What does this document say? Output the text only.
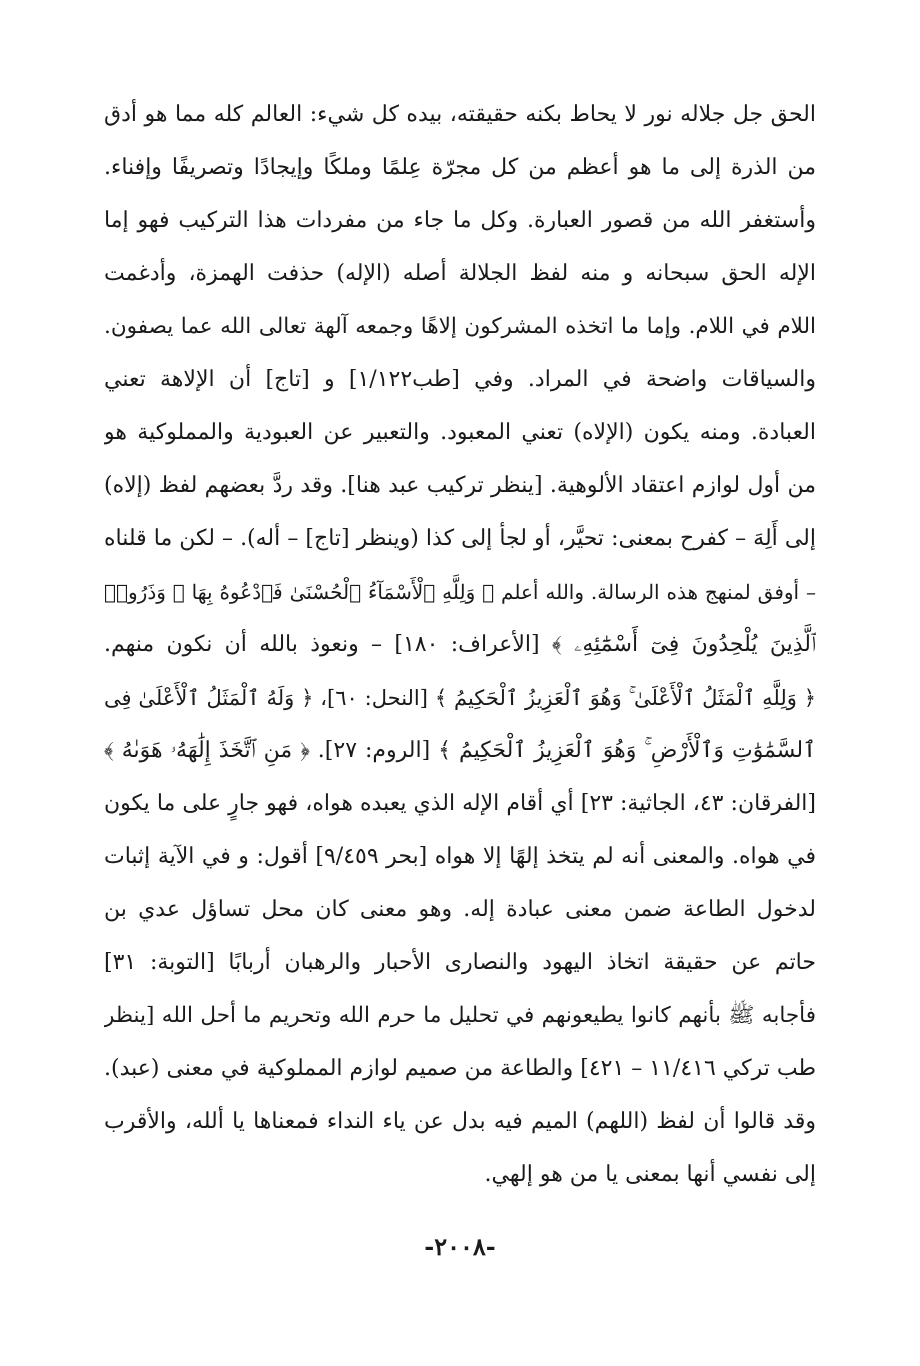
الحق جل جلاله نور لا يحاط بكنه حقيقته، بيده كل شيء: العالم كله مما هو أدق
من الذرة إلى ما هو أعظم من كل مجرّة عِلمًا وملكًا وإيجادًا وتصريفًا وإفناء.
وأستغفر الله من قصور العبارة. وكل ما جاء من مفردات هذا التركيب فهو إما
الإله الحق سبحانه و منه لفظ الجلالة أصله (الإله) حذفت الهمزة، وأدغمت
اللام في اللام. وإما ما اتخذه المشركون إلاهًا وجمعه آلهة تعالى الله عما يصفون.
والسياقات واضحة في المراد. وفي [طب١/١٢٢] و [تاج] أن الإلاهة تعني
العبادة. ومنه يكون (الإلاه) تعني المعبود. والتعبير عن العبودية والمملوكية هو
من أول لوازم اعتقاد الألوهية. [ينظر تركيب عبد هنا]. وقد ردَّ بعضهم لفظ (إلاه)
إلى أَلِهَ – كفرح بمعنى: تحيَّر، أو لجأ إلى كذا (وينظر [تاج] – أله). – لكن ما قلناه
– أوفق لمنهج هذه الرسالة. والله أعلم ﴿ وَلِلَّهِ ٱلْأَسْمَآءُ ٱلْحُسْنَىٰ فَٱدْعُوهُ بِهَا ۖ وَذَرُوا۟
ٱلَّذِينَ يُلْحِدُونَ فِىٓ أَسْمَٰٓئِهِۦ ﴾ [الأعراف: ١٨٠] – ونعوذ بالله أن نكون منهم.
﴿ وَلِلَّهِ ٱلْمَثَلُ ٱلْأَعْلَىٰ ۚ وَهُوَ ٱلْعَزِيزُ ٱلْحَكِيمُ ﴾ [النحل: ٦٠]، ﴿ وَلَهُ ٱلْمَثَلُ ٱلْأَعْلَىٰ فِى
ٱلسَّمَٰوَٰتِ وَٱلْأَرْضِ ۚ وَهُوَ ٱلْعَزِيزُ ٱلْحَكِيمُ ﴾ [الروم: ٢٧]. ﴿ مَنِ ٱتَّخَذَ إِلَٰهَهُۥ هَوَىٰهُ ﴾
[الفرقان: ٤٣، الجاثية: ٢٣] أي أقام الإله الذي يعبده هواه، فهو جارٍ على ما يكون
في هواه. والمعنى أنه لم يتخذ إلهًا إلا هواه [بحر ٩/٤٥٩] أقول: و في الآية إثبات
لدخول الطاعة ضمن معنى عبادة إله. وهو معنى كان محل تساؤل عدي بن
حاتم عن حقيقة اتخاذ اليهود والنصارى الأحبار والرهبان أربابًا [التوبة: ٣١]
فأجابه ﷺ بأنهم كانوا يطيعونهم في تحليل ما حرم الله وتحريم ما أحل الله [ينظر
طب تركي ١١/٤١٦ – ٤٢١] والطاعة من صميم لوازم المملوكية في معنى (عبد).
وقد قالوا أن لفظ (اللهم) الميم فيه بدل عن ياء النداء فمعناها يا ألله، والأقرب
إلى نفسي أنها بمعنى يا من هو إلهي.
-٢٠٠٨-
